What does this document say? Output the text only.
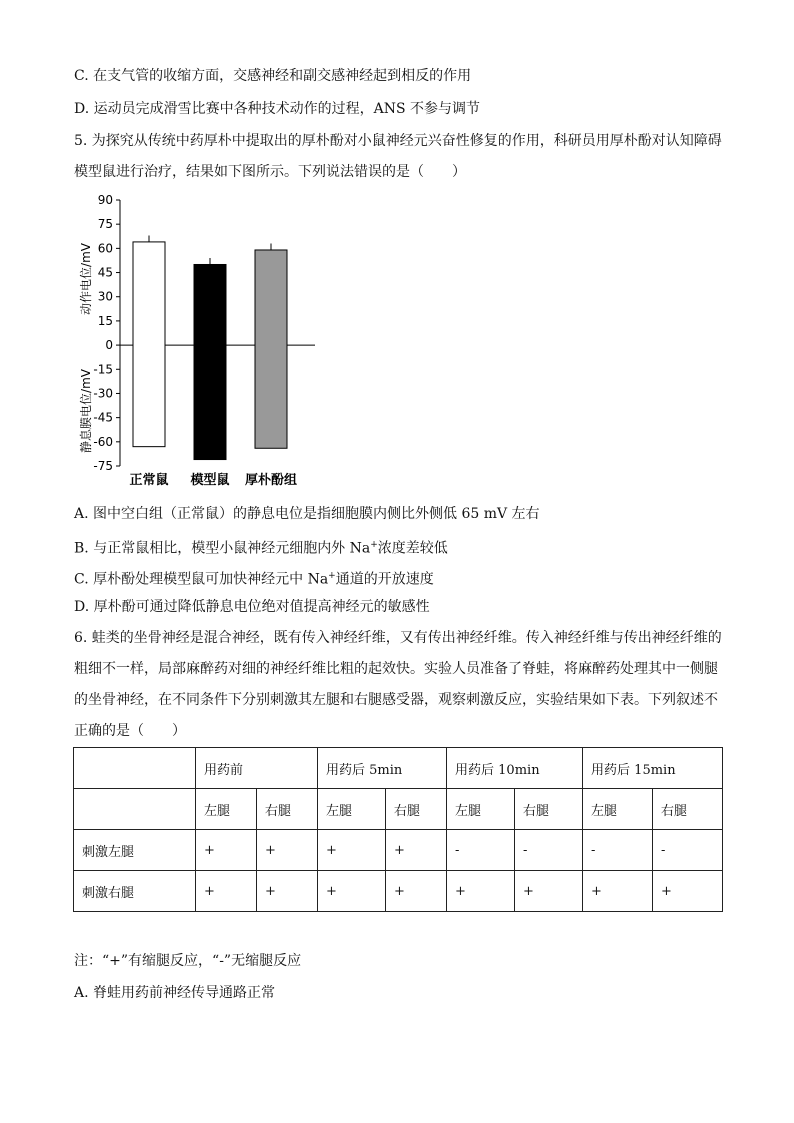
C. 在支气管的收缩方面，交感神经和副交感神经起到相反的作用
D. 运动员完成滑雪比赛中各种技术动作的过程，ANS 不参与调节
5. 为探究从传统中药厚朴中提取出的厚朴酚对小鼠神经元兴奋性修复的作用，科研员用厚朴酚对认知障碍
模型鼠进行治疗，结果如下图所示。下列说法错误的是（　　）
90
75
60
45
30
15
0
-15
-30
-45
-60
-75
正常鼠 模型鼠 厚朴酚组
动作电位/mV
静息膜电位/mV
A. 图中空白组（正常鼠）的静息电位是指细胞膜内侧比外侧低 65 mV 左右
B. 与正常鼠相比，模型小鼠神经元细胞内外 Na+浓度差较低
C. 厚朴酚处理模型鼠可加快神经元中 Na+通道的开放速度
D. 厚朴酚可通过降低静息电位绝对值提高神经元的敏感性
6. 蛙类的坐骨神经是混合神经，既有传入神经纤维，又有传出神经纤维。传入神经纤维与传出神经纤维的
粗细不一样，局部麻醉药对细的神经纤维比粗的起效快。实验人员准备了脊蛙，将麻醉药处理其中一侧腿
的坐骨神经，在不同条件下分别刺激其左腿和右腿感受器，观察刺激反应，实验结果如下表。下列叙述不
正确的是（　　）
	用药前		用药后 5min		用药后 10min		用药后 15min	
	左腿	右腿	左腿	右腿	左腿	右腿	左腿	右腿
刺激左腿	+	+	+	+	-	-	-	-
刺激右腿	+	+	+	+	+	+	+	+
注：“+”有缩腿反应，“-”无缩腿反应
A. 脊蛙用药前神经传导通路正常
